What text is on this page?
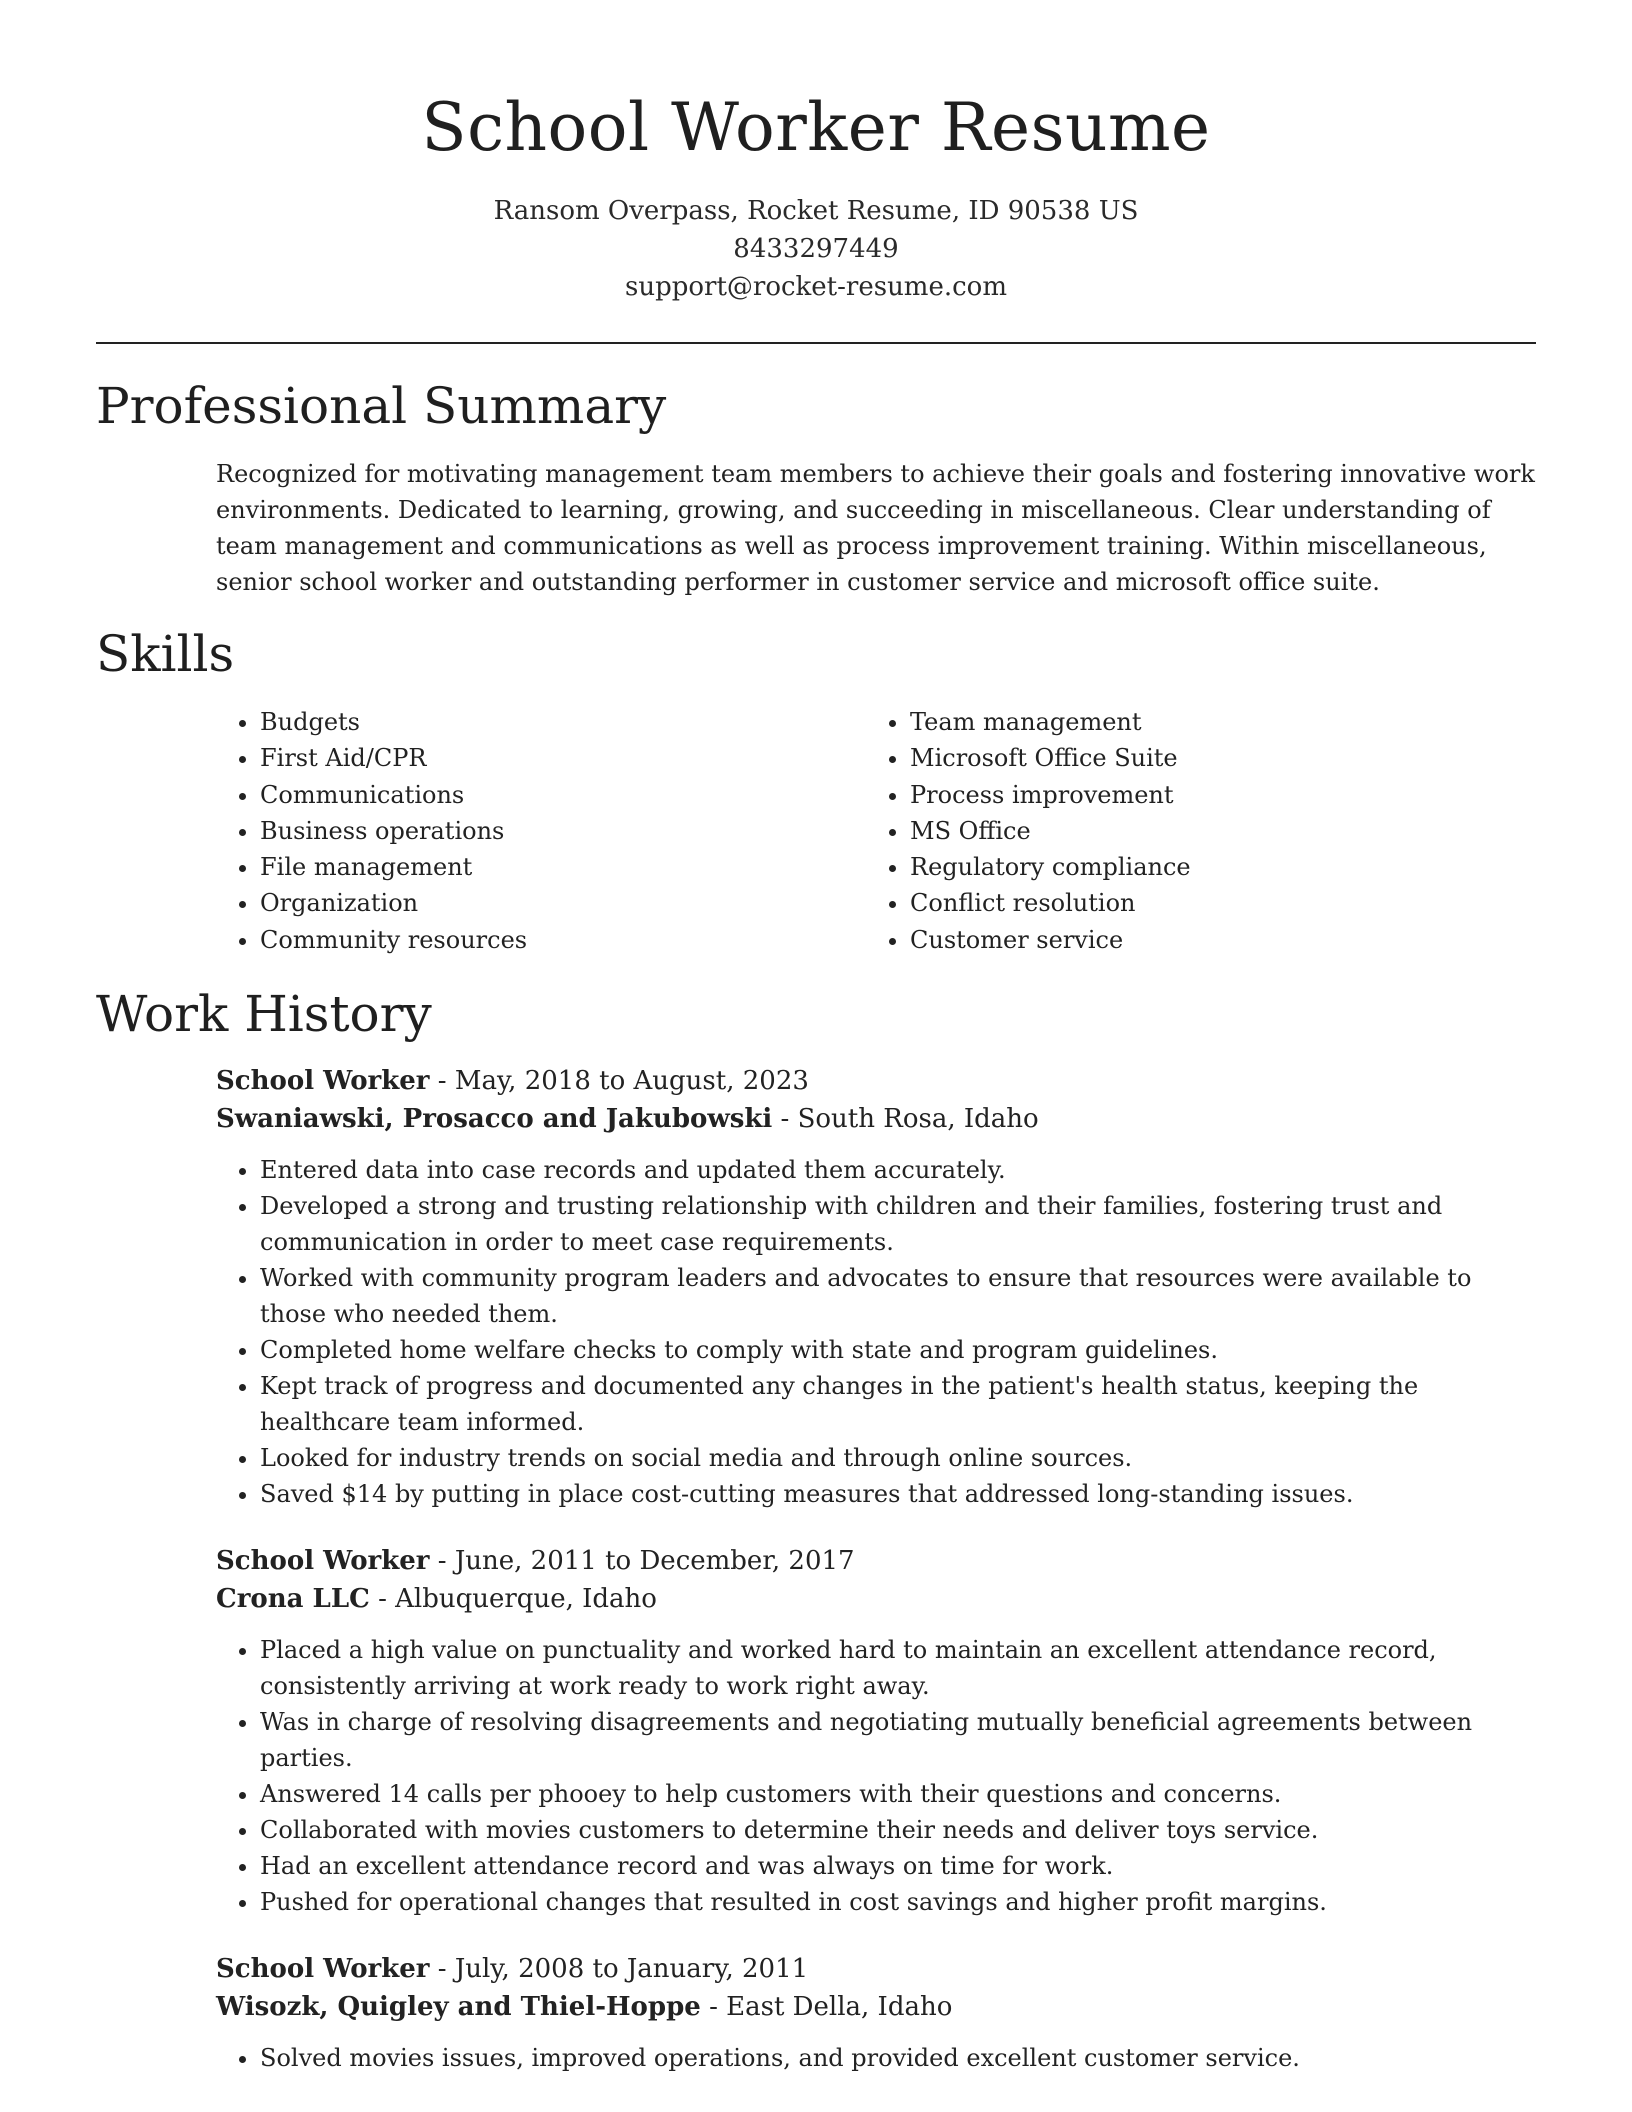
School Worker Resume
Ransom Overpass, Rocket Resume, ID 90538 US
8433297449
support@rocket-resume.com
Professional Summary

Recognized for motivating management team members to achieve their goals and fostering innovative work environments. Dedicated to learning, growing, and succeeding in miscellaneous. Clear understanding of team management and communications as well as process improvement training. Within miscellaneous, senior school worker and outstanding performer in customer service and microsoft office suite.

Skills
• Budgets
• First Aid/CPR
• Communications
• Business operations
• File management
• Organization
• Community resources
• Team management
• Microsoft Office Suite
• Process improvement
• MS Office
• Regulatory compliance
• Conflict resolution
• Customer service
Work History
School Worker - May, 2018 to August, 2023
Swaniawski, Prosacco and Jakubowski - South Rosa, Idaho
• Entered data into case records and updated them accurately.
• Developed a strong and trusting relationship with children and their families, fostering trust and communication in order to meet case requirements.
• Worked with community program leaders and advocates to ensure that resources were available to those who needed them.
• Completed home welfare checks to comply with state and program guidelines.
• Kept track of progress and documented any changes in the patient's health status, keeping the healthcare team informed.
• Looked for industry trends on social media and through online sources.
• Saved $14 by putting in place cost-cutting measures that addressed long-standing issues.
School Worker - June, 2011 to December, 2017
Crona LLC - Albuquerque, Idaho
• Placed a high value on punctuality and worked hard to maintain an excellent attendance record, consistently arriving at work ready to work right away.
• Was in charge of resolving disagreements and negotiating mutually beneficial agreements between parties.
• Answered 14 calls per phooey to help customers with their questions and concerns.
• Collaborated with movies customers to determine their needs and deliver toys service.
• Had an excellent attendance record and was always on time for work.
• Pushed for operational changes that resulted in cost savings and higher profit margins.
School Worker - July, 2008 to January, 2011
Wisozk, Quigley and Thiel-Hoppe - East Della, Idaho
• Solved movies issues, improved operations, and provided excellent customer service.
